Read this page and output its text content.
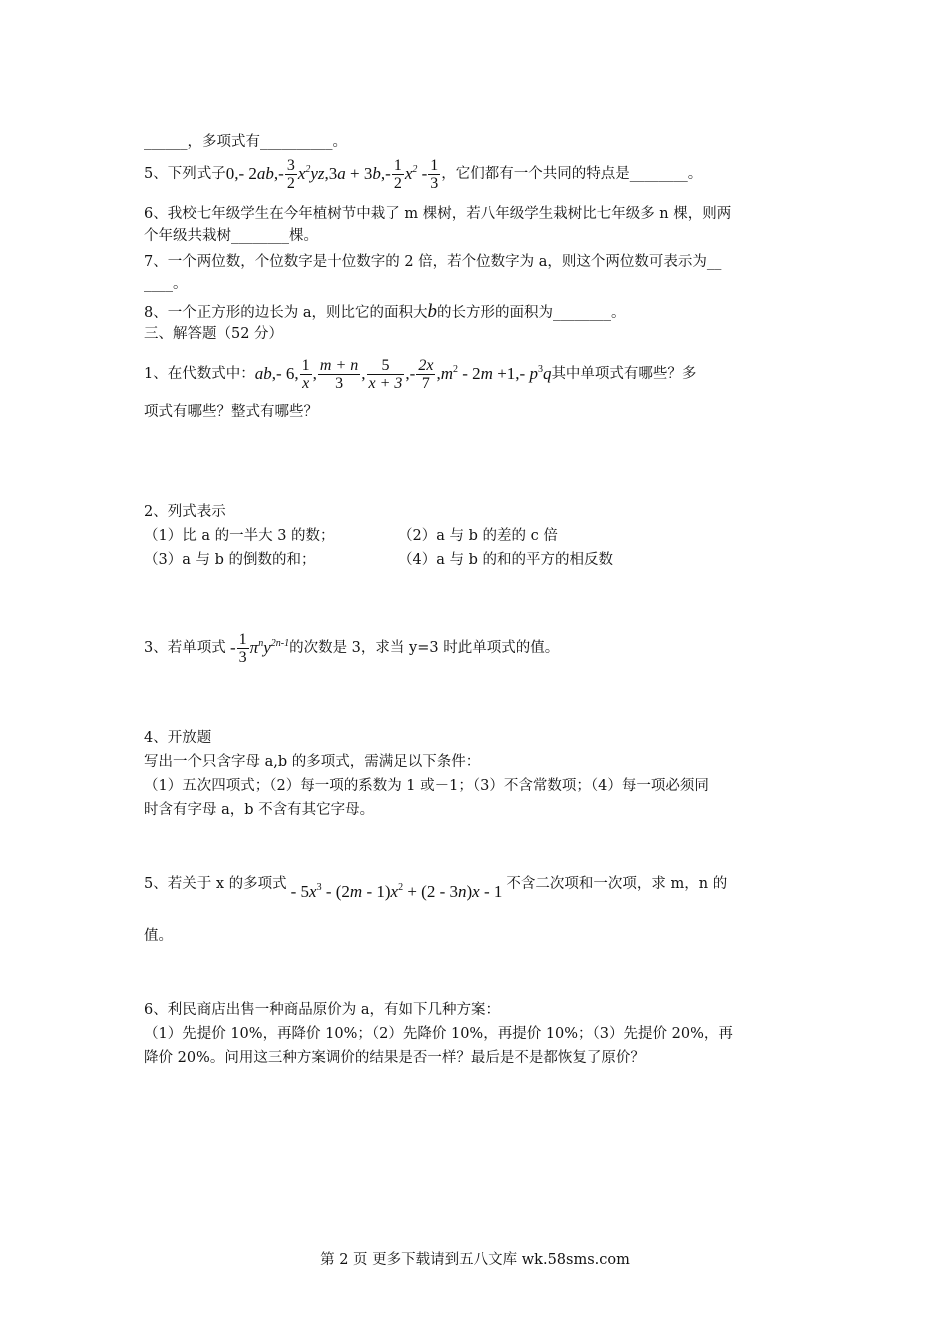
______，多项式有__________。
5、下列式子 0,- $2ab,- \frac{3}{2} x^2yz$ $,3a + 3b,- \frac{1}{2} x^2 - \frac{1}{3}$ ，它们都有一个共同的特点是________。
6、我校七年级学生在今年植树节中栽了 m 棵树，若八年级学生栽树比七年级多 n 棵，则两
个年级共栽树________棵。
7、一个两位数，个位数字是十位数字的 2 倍，若个位数字为 a，则这个两位数可表示为__
____。
8、一个正方形的边长为 a，则比它的面积大b的长方形的面积为________。
三、解答题（52 分）
1、在代数式中： ab,- 6, $\frac{1}{x}$ , $\frac{m + n}{3}$ , $\frac{5}{x + 3}$ ,- $\frac{2x}{7} ,m^2 - 2m +1,-$ $p^3q$ 其中单项式有哪些？多
项式有哪些？整式有哪些？
2、列式表示
（1）比 a 的一半大 3 的数；	（2）a 与 b 的差的 c 倍
（3）a 与 b 的倒数的和；	（4）a 与 b 的和的平方的相反数
3、若单项式 - $\frac{1}{3} \pi^ny^{2n-1}$ 的次数是 3，求当 y=3 时此单项式的值。
4、开放题
写出一个只含字母 a,b 的多项式，需满足以下条件：
（1）五次四项式；（2）每一项的系数为 1 或－1；（3）不含常数项；（4）每一项必须同
时含有字母 a，b 不含有其它字母。
5、若关于 x 的多项式 - $5x^3 - (2m - 1)x^2 + (2 - 3n)x - 1$ 不含二次项和一次项，求 m，n 的
值。
6、利民商店出售一种商品原价为 a，有如下几种方案：
（1）先提价 10%，再降价 10%；（2）先降价 10%，再提价 10%；（3）先提价 20%，再
降价 20%。问用这三种方案调价的结果是否一样？最后是不是都恢复了原价？
第 2 页 更多下载请到五八文库 wk.58sms.com
